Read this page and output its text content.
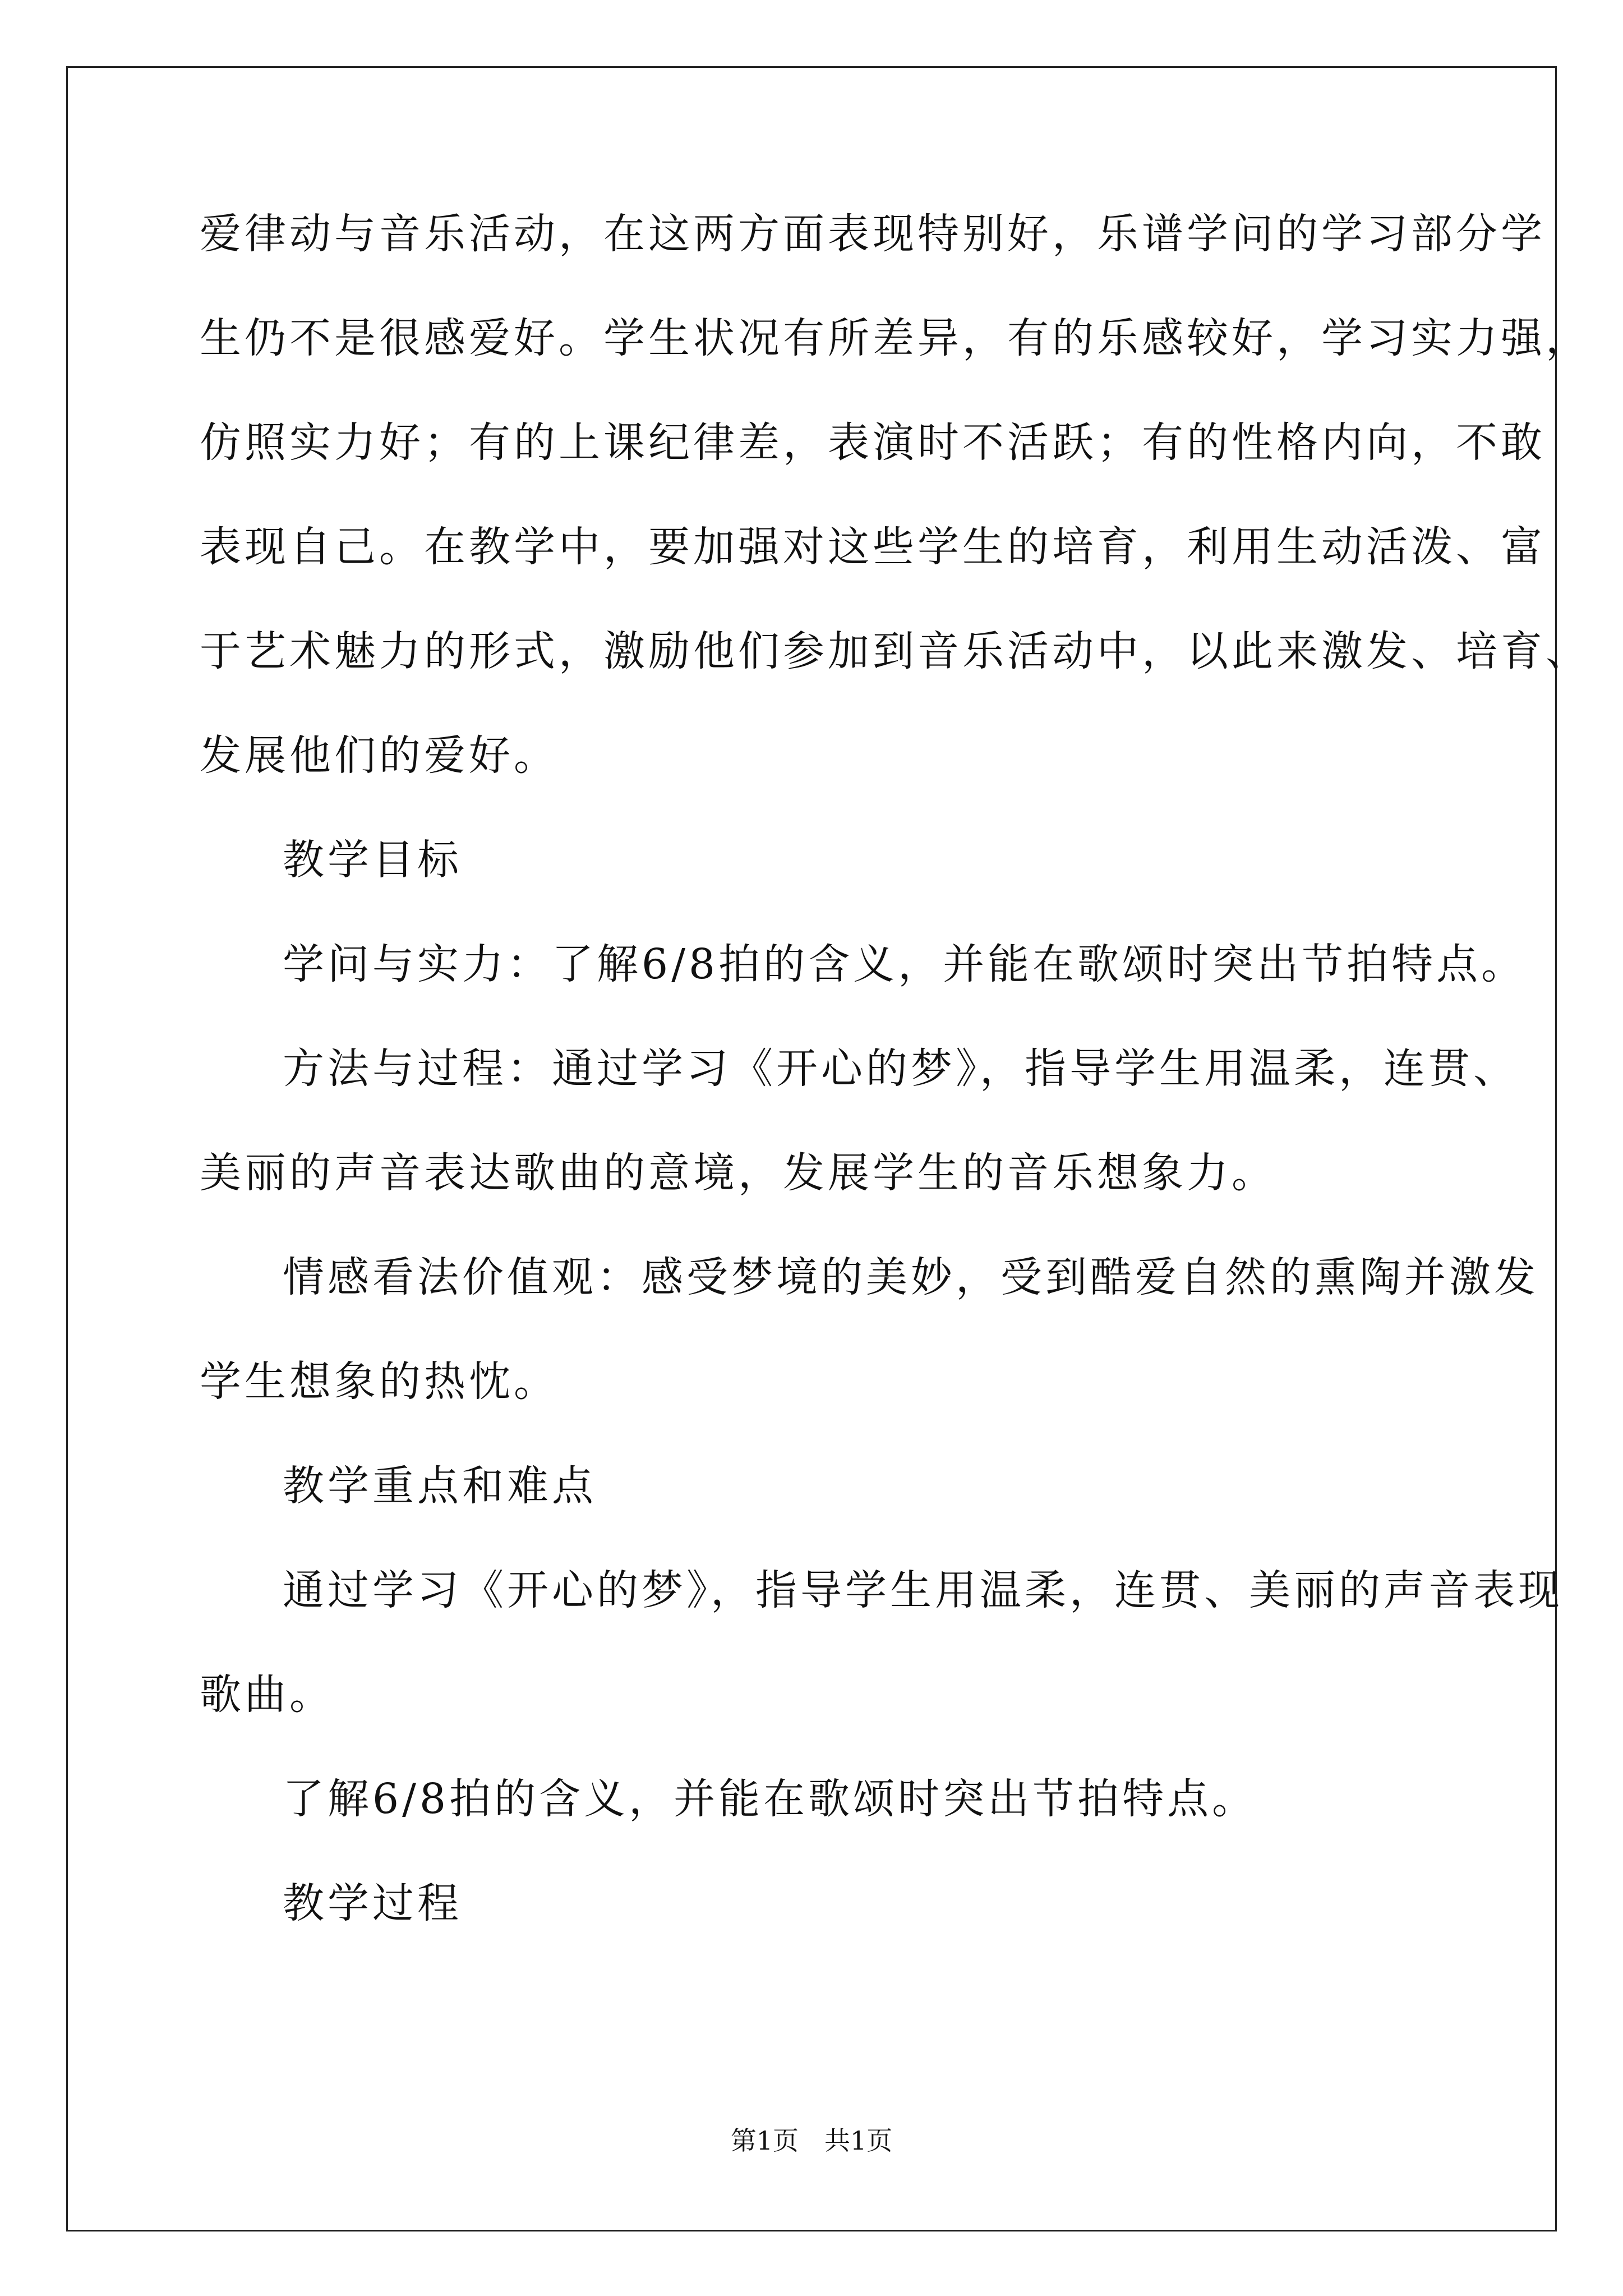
爱律动与音乐活动，在这两方面表现特别好，乐谱学问的学习部分学
生仍不是很感爱好。学生状况有所差异，有的乐感较好，学习实力强，
仿照实力好；有的上课纪律差，表演时不活跃；有的性格内向，不敢
表现自己。在教学中，要加强对这些学生的培育，利用生动活泼、富
于艺术魅力的形式，激励他们参加到音乐活动中，以此来激发、培育、
发展他们的爱好。
教学目标
学问与实力：了解6/8拍的含义，并能在歌颂时突出节拍特点。
方法与过程：通过学习《开心的梦》，指导学生用温柔，连贯、
美丽的声音表达歌曲的意境，发展学生的音乐想象力。
情感看法价值观：感受梦境的美妙，受到酷爱自然的熏陶并激发
学生想象的热忱。
教学重点和难点
通过学习《开心的梦》，指导学生用温柔，连贯、美丽的声音表现
歌曲。
了解6/8拍的含义，并能在歌颂时突出节拍特点。
教学过程
第1页 共1页
